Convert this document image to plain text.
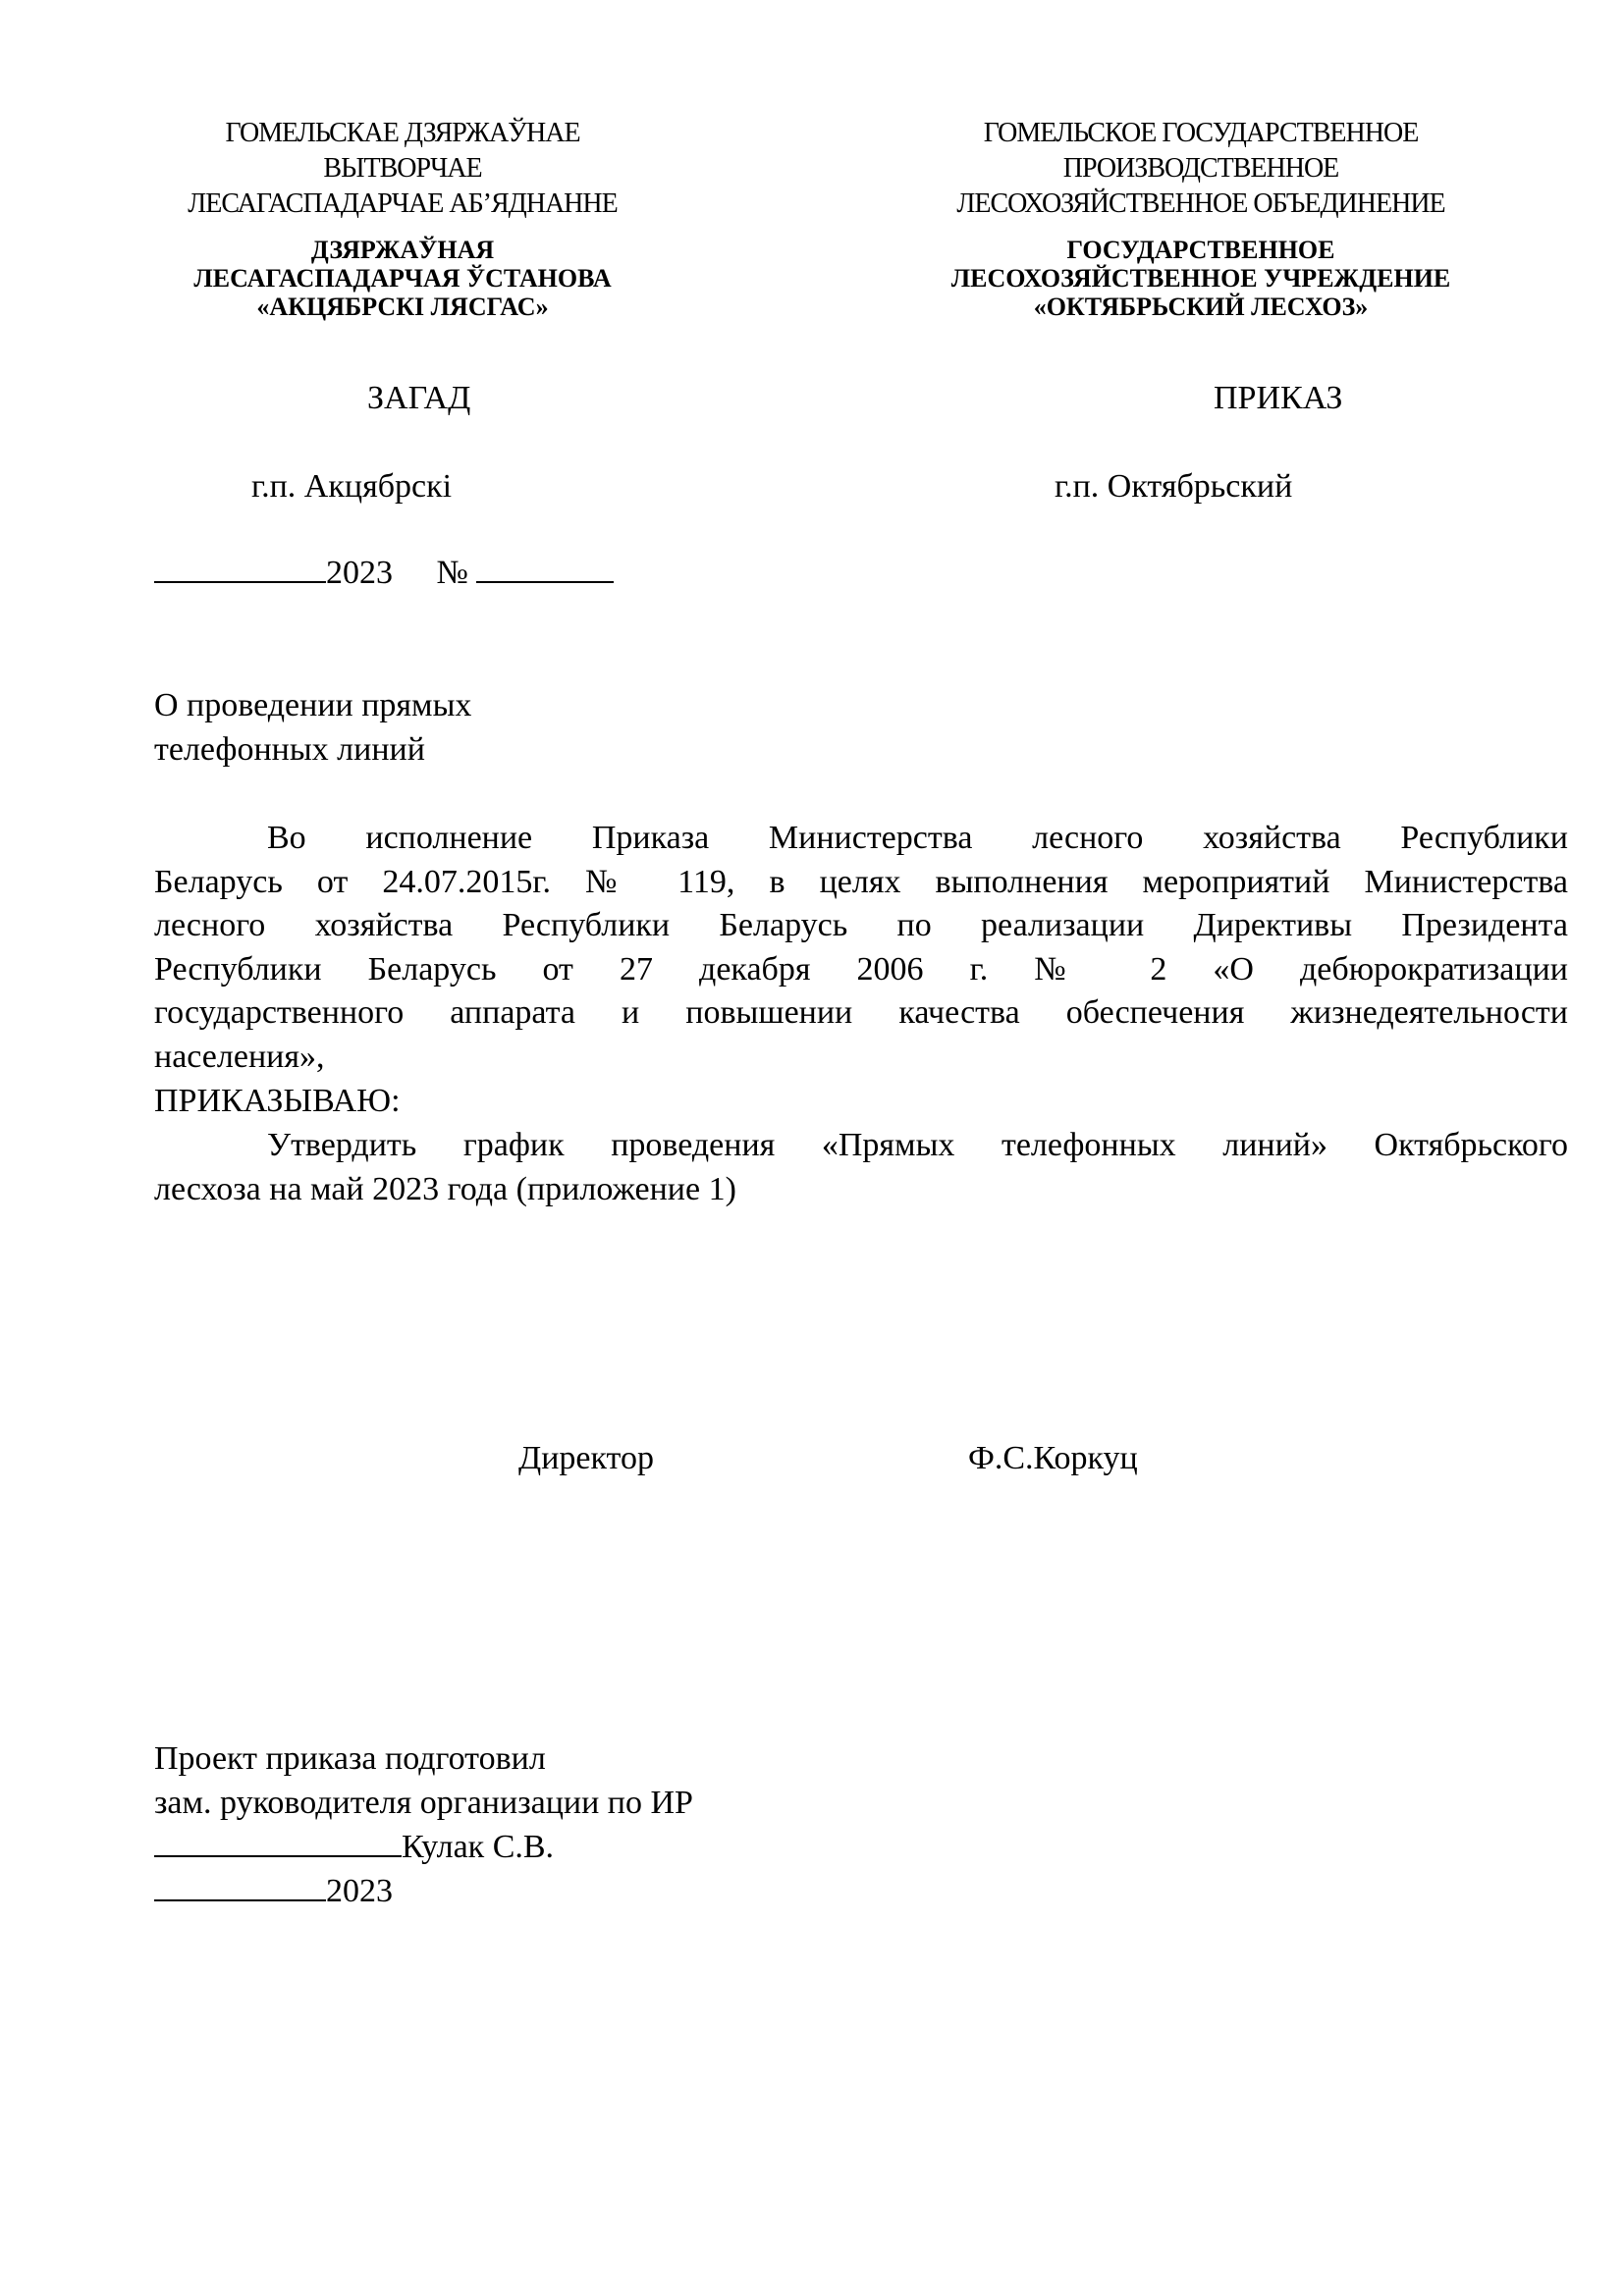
ГОМЕЛЬСКАЕ ДЗЯРЖАЎНАЕ
ВЫТВОРЧАЕ
ЛЕСАГАСПАДАРЧАЕ АБ’ЯДНАННЕ
ДЗЯРЖАЎНАЯ
ЛЕСАГАСПАДАРЧАЯ ЎСТАНОВА
«АКЦЯБРСКІ ЛЯСГАС»
ГОМЕЛЬСКОЕ ГОСУДАРСТВЕННОЕ
ПРОИЗВОДСТВЕННОЕ
ЛЕСОХОЗЯЙСТВЕННОЕ ОБЪЕДИНЕНИЕ
ГОСУДАРСТВЕННОЕ
ЛЕСОХОЗЯЙСТВЕННОЕ УЧРЕЖДЕНИЕ
«ОКТЯБРЬСКИЙ ЛЕСХОЗ»
ЗАГАД	ПРИКАЗ
г.п. Акцябрскі	г.п. Октябрьский
2023 №
О проведении прямых
телефонных линий
Во исполнение Приказа Министерства лесного хозяйства Республики
Беларусь от 24.07.2015г. № 119, в целях выполнения мероприятий Министерства
лесного хозяйства Республики Беларусь по реализации Директивы Президента
Республики Беларусь от 27 декабря 2006 г. № 2 «О дебюрократизации
государственного аппарата и повышении качества обеспечения жизнедеятельности
населения»,
ПРИКАЗЫВАЮ:
Утвердить график проведения «Прямых телефонных линий» Октябрьского
лесхоза на май 2023 года (приложение 1)
Директор	Ф.С.Коркуц
Проект приказа подготовил
зам. руководителя организации по ИР
Кулак С.В.
2023
